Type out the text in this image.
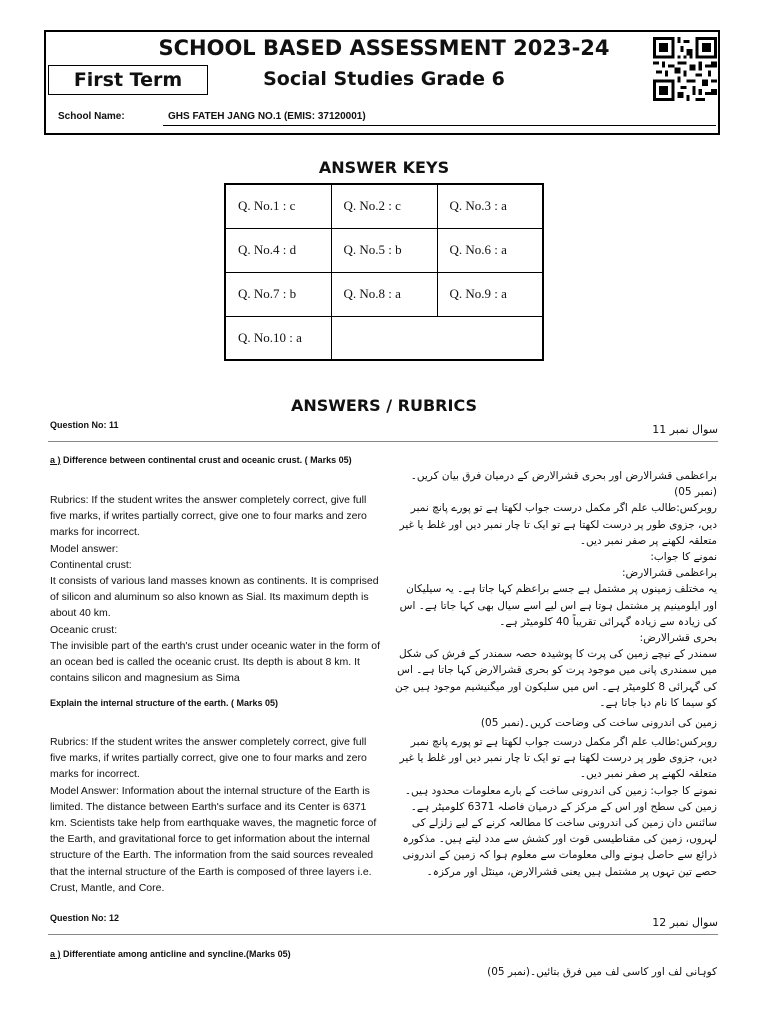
SCHOOL BASED ASSESSMENT 2023-24
First Term	Social Studies Grade 6
School Name:	GHS FATEH JANG NO.1 (EMIS: 37120001)
ANSWER KEYS
Q. No.1 : c	Q. No.2 : c	Q. No.3 : a
Q. No.4 : d	Q. No.5 : b	Q. No.6 : a
Q. No.7 : b	Q. No.8 : a	Q. No.9 : a
Q. No.10 : a		
ANSWERS / RUBRICS
Question No: 11	سوال نمبر 11
a ) Difference between continental crust and oceanic crust. ( Marks 05)
Rubrics: If the student writes the answer completely correct, give full five marks, if writes partially correct, give one to four marks and zero marks for incorrect.
Model answer:
Continental crust:
It consists of various land masses known as continents. It is comprised of silicon and aluminum so also known as Sial. Its maximum depth is about 40 km.
Oceanic crust:
The invisible part of the earth's crust under oceanic water in the form of an ocean bed is called the oceanic crust. Its depth is about 8 km. It contains silicon and magnesium as Sima
براعظمی قشرالارض اور بحری قشرالارض کے درمیان فرق بیان کریں۔(نمبر 05)
روبرکس:طالب علم اگر مکمل درست جواب لکھتا ہے تو پورے پانچ نمبر دیں، جزوی طور پر درست لکھتا ہے تو ایک تا چار نمبر دیں اور غلط یا غیر متعلقہ لکھنے پر صفر نمبر دیں۔
نمونے کا جواب:
براعظمی قشرالارض:
یہ مختلف زمینوں پر مشتمل ہے جسے براعظم کہا جاتا ہے۔ یہ سیلیکان اور ایلومینیم پر مشتمل ہوتا ہے اس لیے اسے سیال بھی کہا جاتا ہے۔ اس کی زیادہ سے زیادہ گہرائی تقریباً 40 کلومیٹر ہے۔
بحری قشرالارض:
سمندر کے نیچے زمین کی پرت کا پوشیدہ حصہ سمندر کے فرش کی شکل میں سمندری پانی میں موجود پرت کو بحری قشرالارض کہا جاتا ہے۔ اس کی گہرائی 8 کلومیٹر ہے۔ اس میں سلیکون اور میگنیشیم موجود ہیں جن کو سیما کا نام دیا جاتا ہے۔
Explain the internal structure of the earth. ( Marks 05)
زمین کی اندرونی ساخت کی وضاحت کریں۔(نمبر 05)
Rubrics: If the student writes the answer completely correct, give full five marks, if writes partially correct, give one to four marks and zero marks for incorrect.
Model Answer: Information about the internal structure of the Earth is limited. The distance between Earth's surface and its Center is 6371 km. Scientists take help from earthquake waves, the magnetic force of the Earth, and gravitational force to get information about the internal structure of the Earth. The information from the said sources revealed that the internal structure of the Earth is composed of three layers i.e. Crust, Mantle, and Core.
روبرکس:طالب علم اگر مکمل درست جواب لکھتا ہے تو پورے پانچ نمبر دیں، جزوی طور پر درست لکھتا ہے تو ایک تا چار نمبر دیں اور غلط یا غیر متعلقہ لکھنے پر صفر نمبر دیں۔
نمونے کا جواب: زمین کی اندرونی ساخت کے بارے معلومات محدود ہیں۔ زمین کی سطح اور اس کے مرکز کے درمیان فاصلہ 6371 کلومیٹر ہے۔ سائنس دان زمین کی اندرونی ساخت کا مطالعہ کرنے کے لیے زلزلے کی لہروں، زمین کی مقناطیسی قوت اور کشش سے مدد لیتے ہیں۔ مذکورہ ذرائع سے حاصل ہونے والی معلومات سے معلوم ہوا کہ زمین کے اندرونی حصے تین تہوں پر مشتمل ہیں یعنی قشرالارض، مینٹل اور مرکزہ۔
Question No: 12	سوال نمبر 12
a ) Differentiate among anticline and syncline.(Marks 05)
کوہانی لف اور کاسی لف میں فرق بتائیں۔(نمبر 05)
